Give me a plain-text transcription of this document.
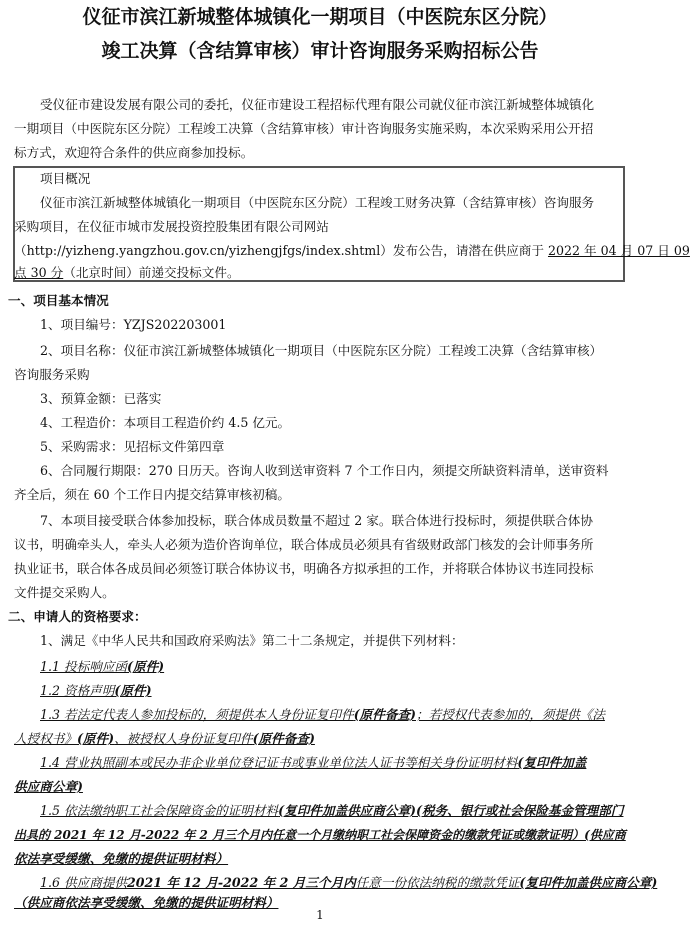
仪征市滨江新城整体城镇化一期项目（中医院东区分院）
竣工决算（含结算审核）审计咨询服务采购招标公告
受仪征市建设发展有限公司的委托，仪征市建设工程招标代理有限公司就仪征市滨江新城整体城镇化
一期项目（中医院东区分院）工程竣工决算（含结算审核）审计咨询服务实施采购，本次采购采用公开招
标方式，欢迎符合条件的供应商参加投标。
项目概况
仪征市滨江新城整体城镇化一期项目（中医院东区分院）工程竣工财务决算（含结算审核）咨询服务
采购项目，在仪征市城市发展投资控股集团有限公司网站
（http://yizheng.yangzhou.gov.cn/yizhengjfgs/index.shtml）发布公告，请潜在供应商于 2022 年 04 月 07 日 09
点 30 分（北京时间）前递交投标文件。
一、项目基本情况
1、项目编号：YZJS202203001
2、项目名称：仪征市滨江新城整体城镇化一期项目（中医院东区分院）工程竣工决算（含结算审核）
咨询服务采购
3、预算金额：已落实
4、工程造价：本项目工程造价约 4.5 亿元。
5、采购需求：见招标文件第四章
6、合同履行期限：270 日历天。咨询人收到送审资料 7 个工作日内，须提交所缺资料清单，送审资料
齐全后，须在 60 个工作日内提交结算审核初稿。
7、本项目接受联合体参加投标，联合体成员数量不超过 2 家。联合体进行投标时，须提供联合体协
议书，明确牵头人，牵头人必须为造价咨询单位，联合体成员必须具有省级财政部门核发的会计师事务所
执业证书，联合体各成员间必须签订联合体协议书，明确各方拟承担的工作，并将联合体协议书连同投标
文件提交采购人。
二、申请人的资格要求：
1、满足《中华人民共和国政府采购法》第二十二条规定，并提供下列材料：
1.1 投标响应函(原件)
1.2 资格声明(原件)
1.3 若法定代表人参加投标的，须提供本人身份证复印件(原件备查)；若授权代表参加的，须提供《法
人授权书》(原件)、被授权人身份证复印件(原件备查)
1.4 营业执照副本或民办非企业单位登记证书或事业单位法人证书等相关身份证明材料(复印件加盖
供应商公章)
1.5 依法缴纳职工社会保障资金的证明材料(复印件加盖供应商公章)(税务、银行或社会保险基金管理部门
出具的 2021 年 12 月-2022 年 2 月三个月内任意一个月缴纳职工社会保障资金的缴款凭证或缴款证明）(供应商
依法享受缓缴、免缴的提供证明材料）
1.6 供应商提供2021 年 12 月-2022 年 2 月三个月内任意一份依法纳税的缴款凭证(复印件加盖供应商公章)
（供应商依法享受缓缴、免缴的提供证明材料）
1
